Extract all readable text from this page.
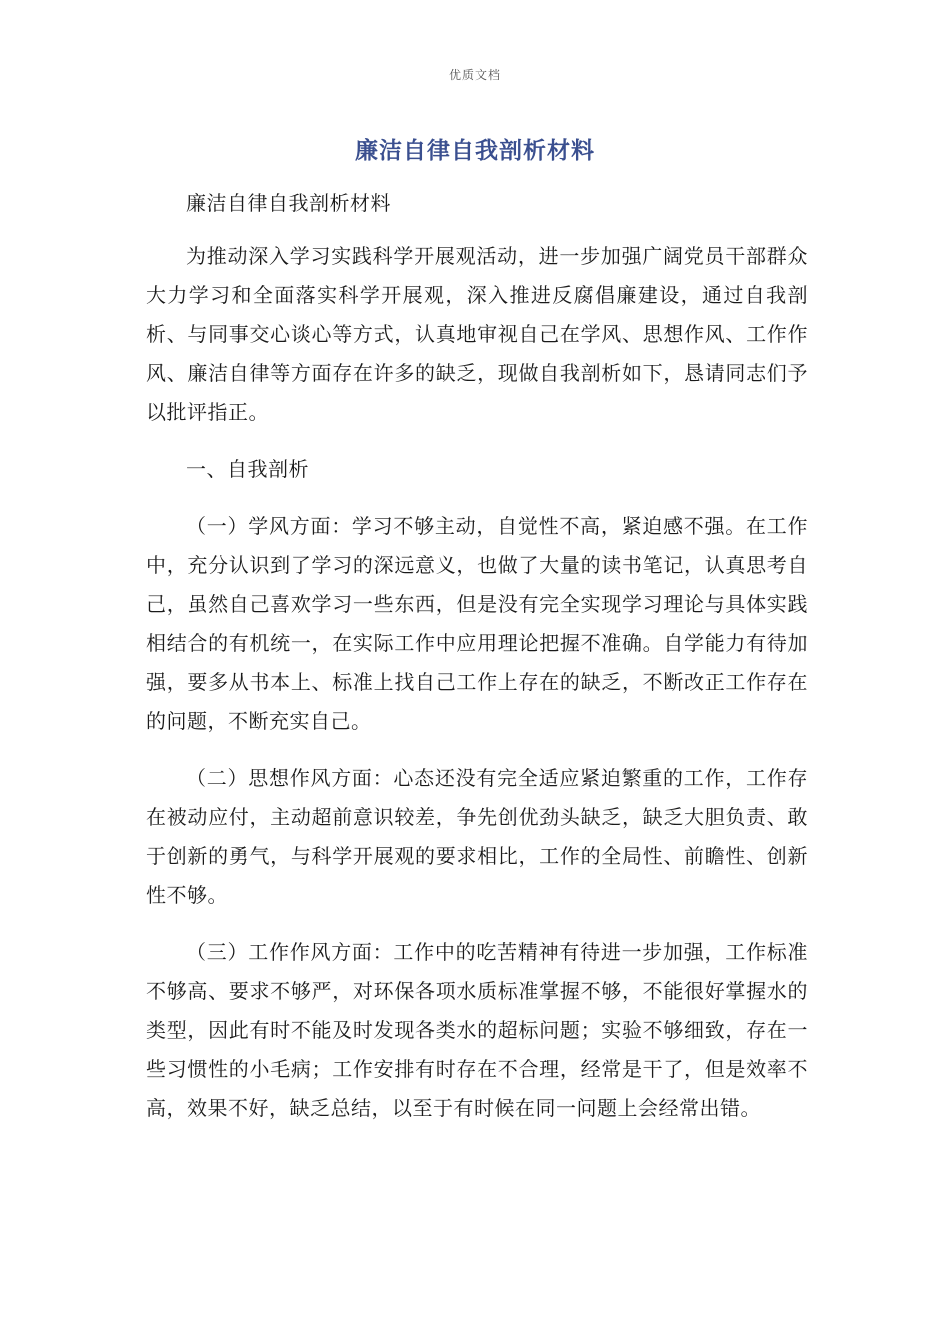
优质文档
廉洁自律自我剖析材料

廉洁自律自我剖析材料

为推动深入学习实践科学开展观活动，进一步加强广阔党员干部群众大力学习和全面落实科学开展观，深入推进反腐倡廉建设，通过自我剖析、与同事交心谈心等方式，认真地审视自己在学风、思想作风、工作作风、廉洁自律等方面存在许多的缺乏，现做自我剖析如下，恳请同志们予以批评指正。

一、自我剖析

（一）学风方面：学习不够主动，自觉性不高，紧迫感不强。在工作中，充分认识到了学习的深远意义，也做了大量的读书笔记，认真思考自己，虽然自己喜欢学习一些东西，但是没有完全实现学习理论与具体实践相结合的有机统一，在实际工作中应用理论把握不准确。自学能力有待加强，要多从书本上、标准上找自己工作上存在的缺乏，不断改正工作存在的问题，不断充实自己。

（二）思想作风方面：心态还没有完全适应紧迫繁重的工作，工作存在被动应付，主动超前意识较差，争先创优劲头缺乏，缺乏大胆负责、敢于创新的勇气，与科学开展观的要求相比，工作的全局性、前瞻性、创新性不够。

（三）工作作风方面：工作中的吃苦精神有待进一步加强，工作标准不够高、要求不够严，对环保各项水质标准掌握不够，不能很好掌握水的类型，因此有时不能及时发现各类水的超标问题；实验不够细致，存在一些习惯性的小毛病；工作安排有时存在不合理，经常是干了，但是效率不高，效果不好，缺乏总结，以至于有时候在同一问题上会经常出错。
